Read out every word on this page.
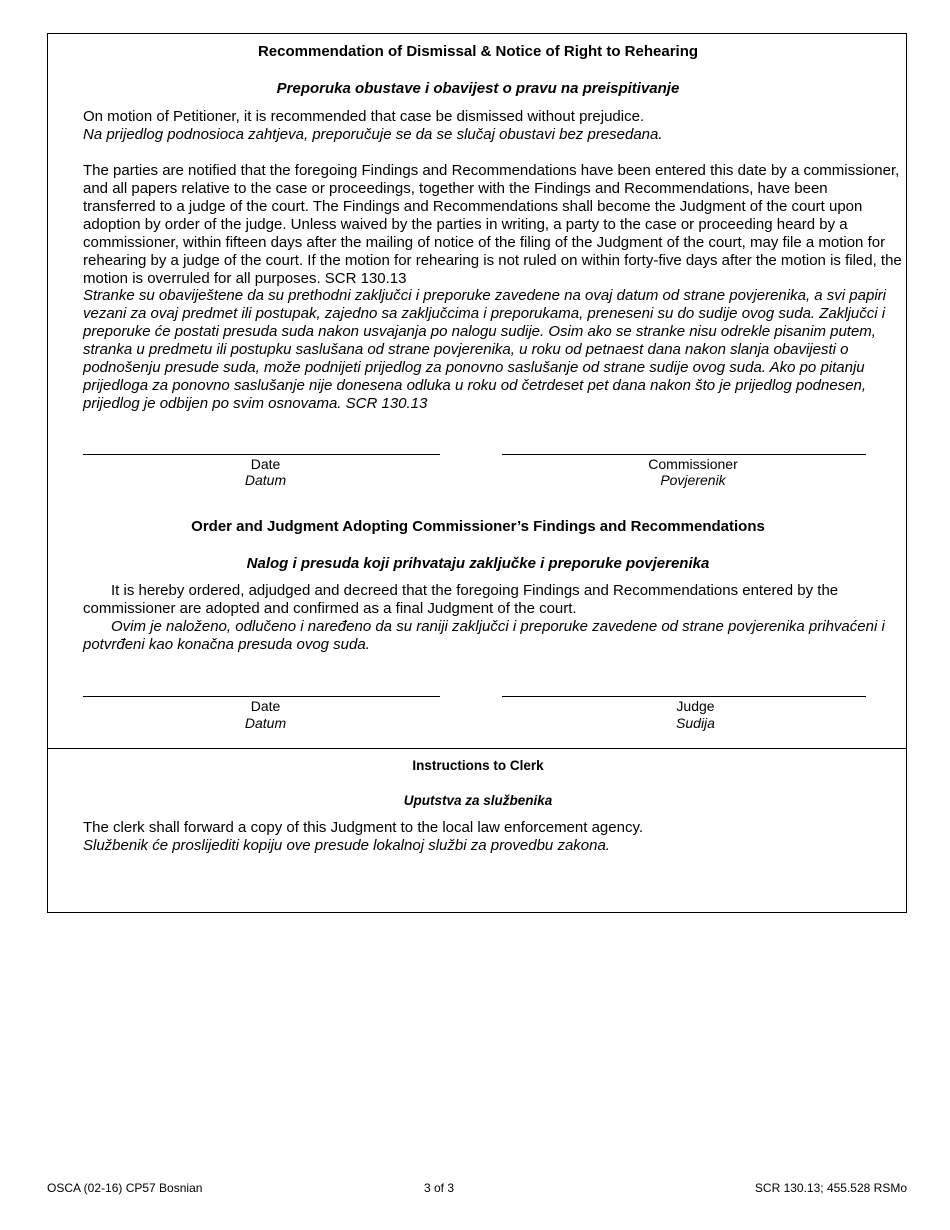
Recommendation of Dismissal & Notice of Right to Rehearing
Preporuka obustave i obavijest o pravu na preispitivanje
On motion of Petitioner, it is recommended that case be dismissed without prejudice.
Na prijedlog podnosioca zahtjeva, preporučuje se da se slučaj obustavi bez presedana.
The parties are notified that the foregoing Findings and Recommendations have been entered this date by a commissioner, and all papers relative to the case or proceedings, together with the Findings and Recommendations, have been transferred to a judge of the court. The Findings and Recommendations shall become the Judgment of the court upon adoption by order of the judge. Unless waived by the parties in writing, a party to the case or proceeding heard by a commissioner, within fifteen days after the mailing of notice of the filing of the Judgment of the court, may file a motion for rehearing by a judge of the court. If the motion for rehearing is not ruled on within forty-five days after the motion is filed, the motion is overruled for all purposes. SCR 130.13
Stranke su obaviještene da su prethodni zaključci i preporuke zavedene na ovaj datum od strane povjerenika, a svi papiri vezani za ovaj predmet ili postupak, zajedno sa zaključcima i preporukama, preneseni su do sudije ovog suda. Zaključci i preporuke će postati presuda suda nakon usvajanja po nalogu sudije. Osim ako se stranke nisu odrekle pisanim putem, stranka u predmetu ili postupku saslušana od strane povjerenika, u roku od petnaest dana nakon slanja obavijesti o podnošenju presude suda, može podnijeti prijedlog za ponovno saslušanje od strane sudije ovog suda. Ako po pitanju prijedloga za ponovno saslušanje nije donesena odluka u roku od četrdeset pet dana nakon što je prijedlog podnesen, prijedlog je odbijen po svim osnovama. SCR 130.13
Date
Datum
Commissioner
Povjerenik
Order and Judgment Adopting Commissioner’s Findings and Recommendations
Nalog i presuda koji prihvataju zaključke i preporuke povjerenika
It is hereby ordered, adjudged and decreed that the foregoing Findings and Recommendations entered by the commissioner are adopted and confirmed as a final Judgment of the court.
Ovim je naloženo, odlučeno i naređeno da su raniji zaključci i preporuke zavedene od strane povjerenika prihvaćeni i potvrđeni kao konačna presuda ovog suda.
Date
Datum
Judge
Sudija
Instructions to Clerk
Uputstva za službenika
The clerk shall forward a copy of this Judgment to the local law enforcement agency.
Službenik će proslijediti kopiju ove presude lokalnoj službi za provedbu zakona.
OSCA (02-16) CP57 Bosnian	3 of 3	SCR 130.13; 455.528 RSMo
